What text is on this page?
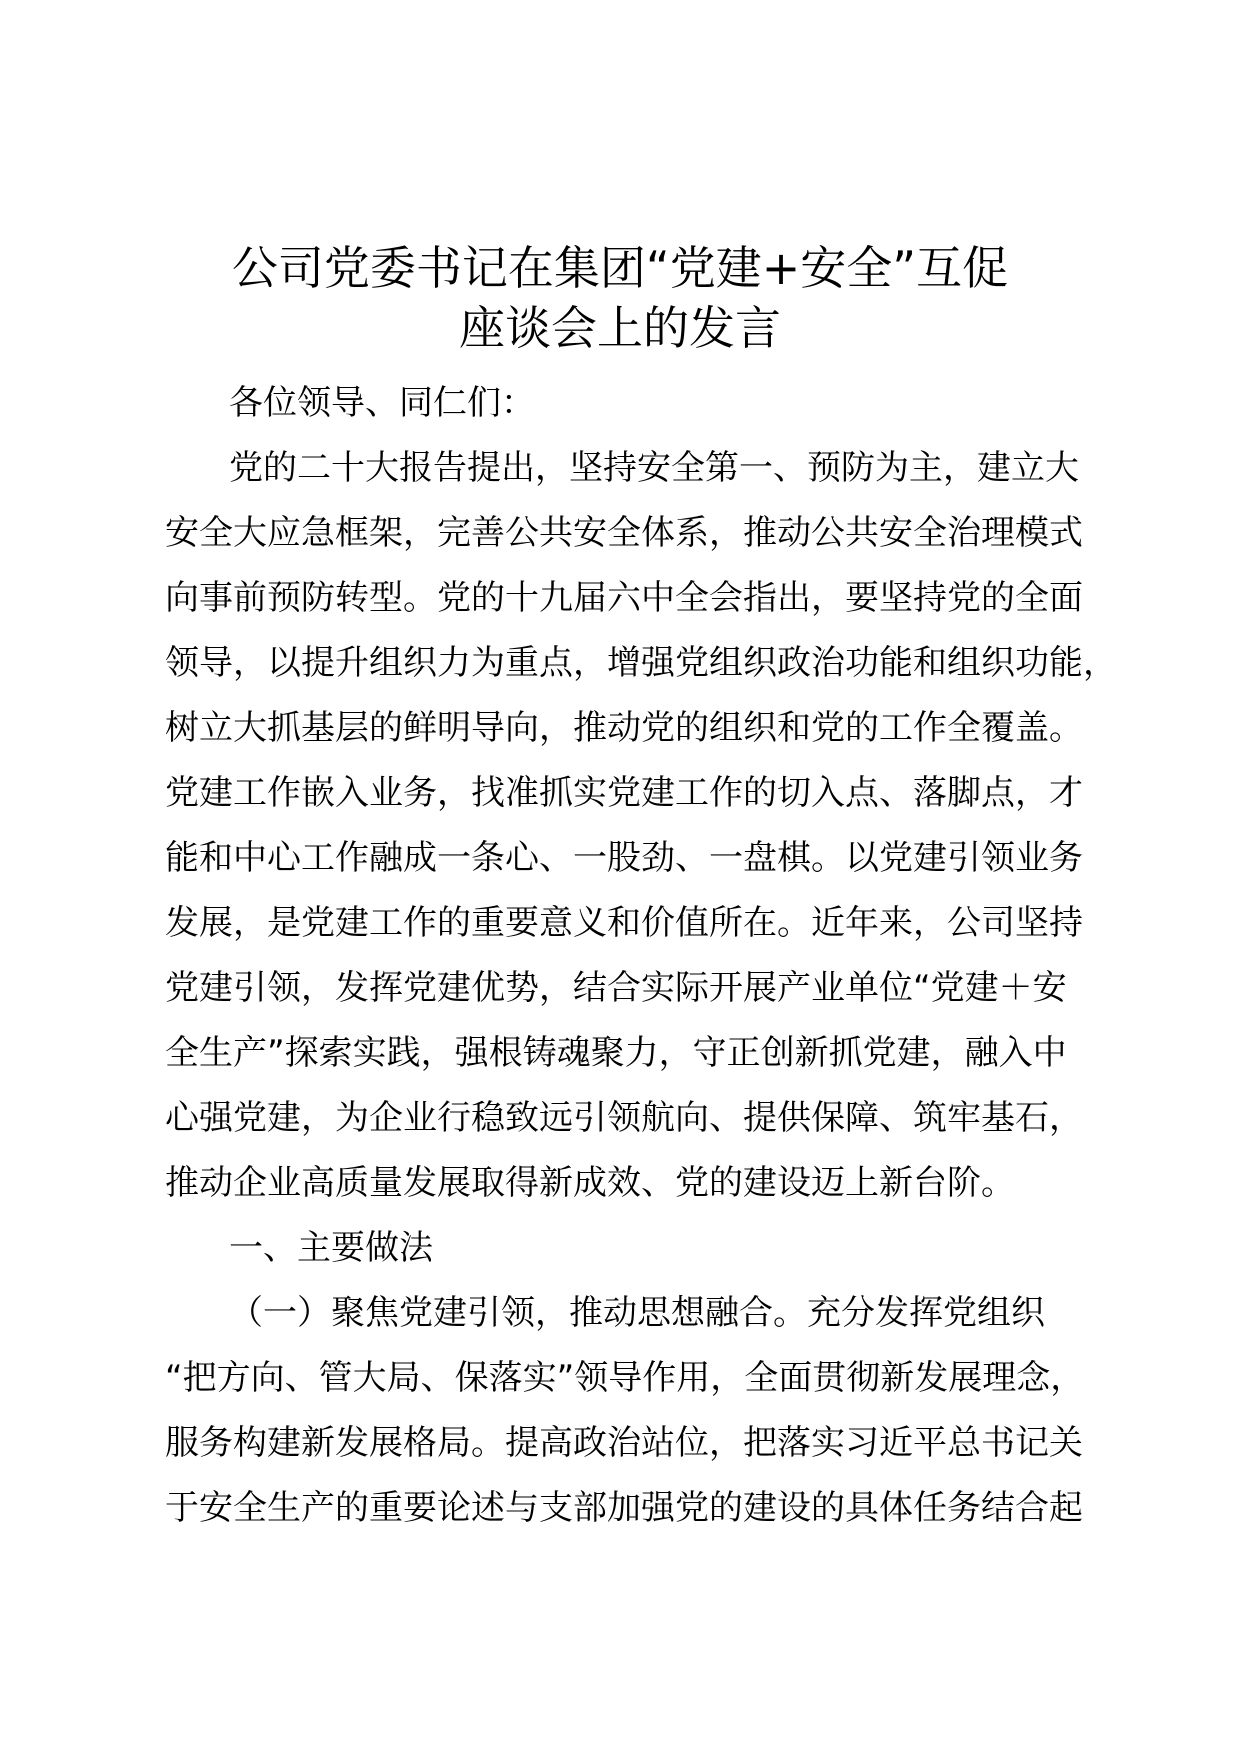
公司党委书记在集团“党建+安全”互促
座谈会上的发言

各位领导、同仁们：

党的二十大报告提出，坚持安全第一、预防为主，建立大

安全大应急框架，完善公共安全体系，推动公共安全治理模式

向事前预防转型。党的十九届六中全会指出，要坚持党的全面

领导，以提升组织力为重点，增强党组织政治功能和组织功能，

树立大抓基层的鲜明导向，推动党的组织和党的工作全覆盖。

党建工作嵌入业务，找准抓实党建工作的切入点、落脚点，才

能和中心工作融成一条心、一股劲、一盘棋。以党建引领业务

发展，是党建工作的重要意义和价值所在。近年来，公司坚持

党建引领，发挥党建优势，结合实际开展产业单位“党建＋安

全生产”探索实践，强根铸魂聚力，守正创新抓党建，融入中

心强党建，为企业行稳致远引领航向、提供保障、筑牢基石，

推动企业高质量发展取得新成效、党的建设迈上新台阶。

一、主要做法

（一）聚焦党建引领，推动思想融合。充分发挥党组织

“把方向、管大局、保落实”领导作用，全面贯彻新发展理念，

服务构建新发展格局。提高政治站位，把落实习近平总书记关

于安全生产的重要论述与支部加强党的建设的具体任务结合起
